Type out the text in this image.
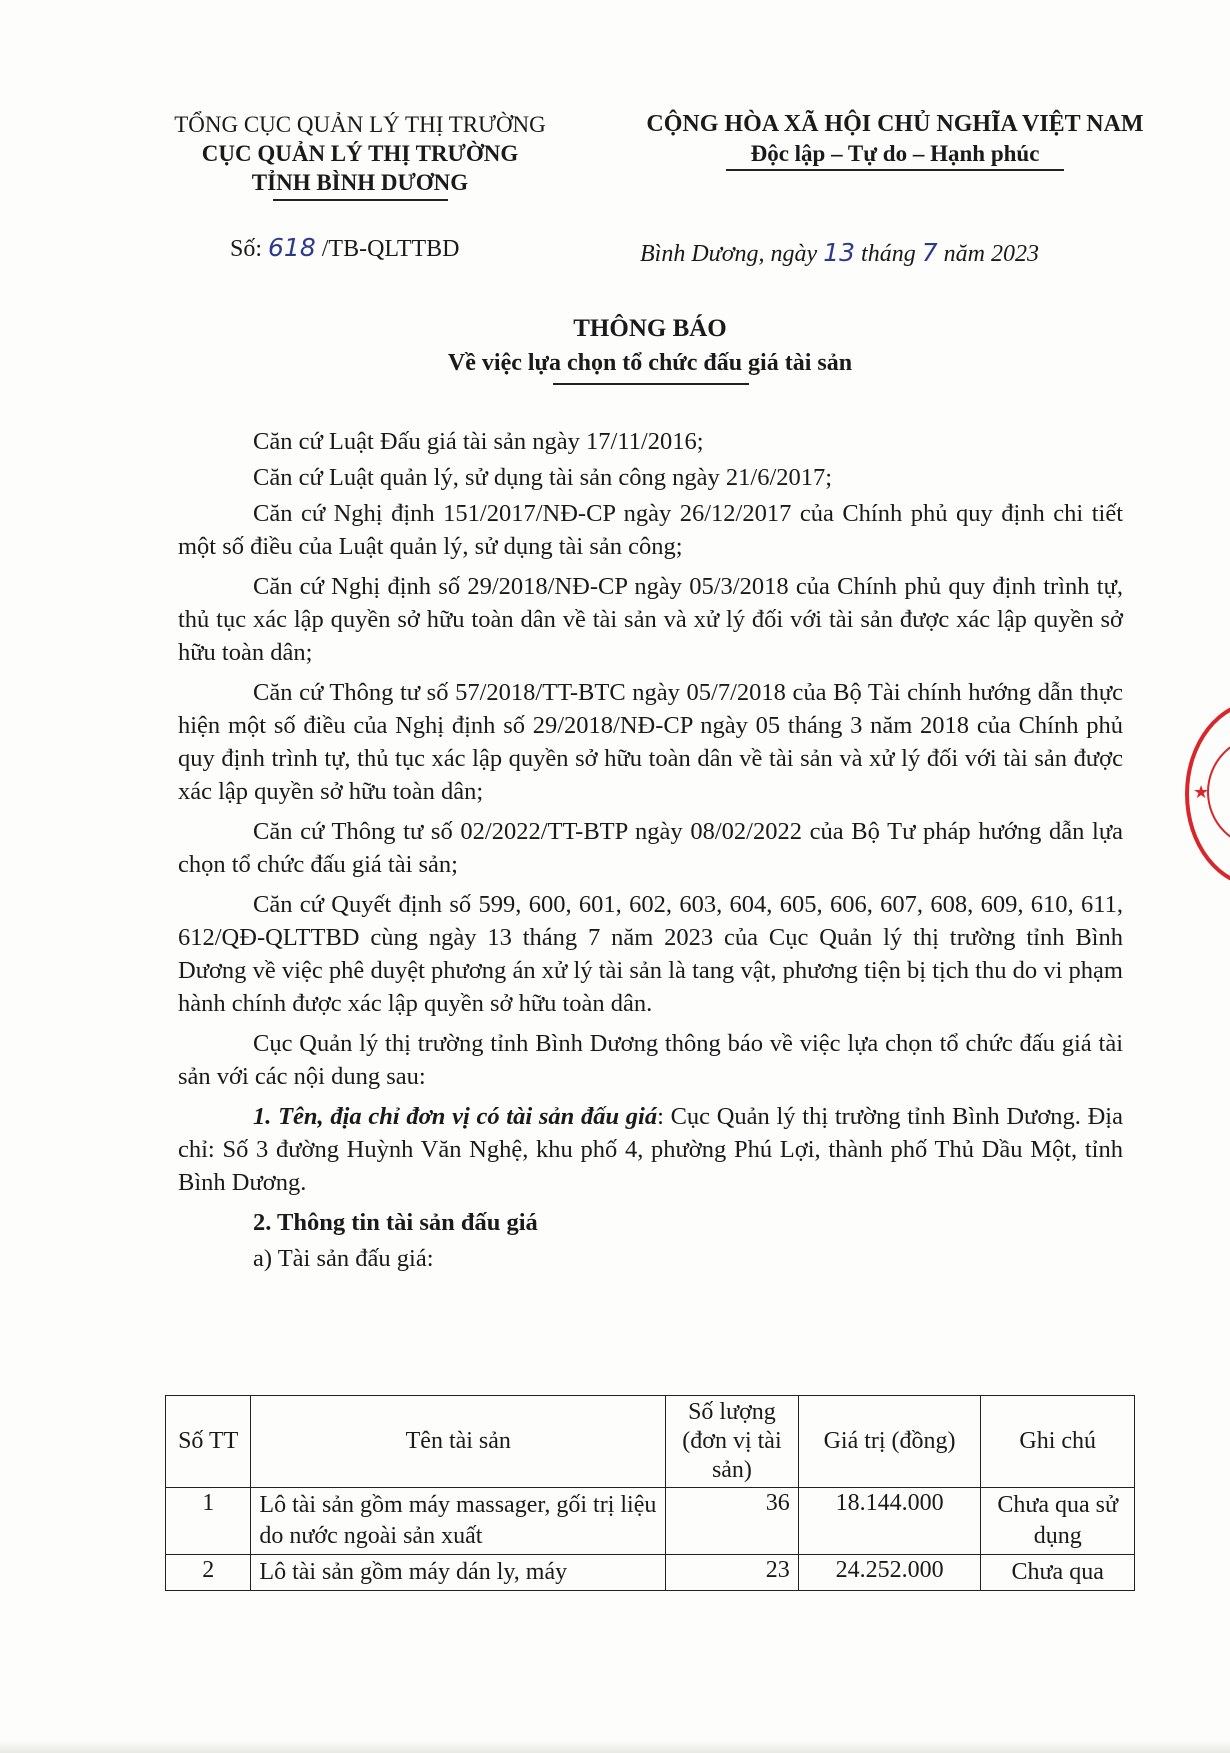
TỔNG CỤC QUẢN LÝ THỊ TRƯỜNG
CỤC QUẢN LÝ THỊ TRƯỜNG
TỈNH BÌNH DƯƠNG
CỘNG HÒA XÃ HỘI CHỦ NGHĨA VIỆT NAM
Độc lập – Tự do – Hạnh phúc
Số: 618 /TB-QLTTBD	Bình Dương, ngày 13 tháng 7 năm 2023
THÔNG BÁO
Về việc lựa chọn tổ chức đấu giá tài sản

Căn cứ Luật Đấu giá tài sản ngày 17/11/2016;

Căn cứ Luật quản lý, sử dụng tài sản công ngày 21/6/2017;

Căn cứ Nghị định 151/2017/NĐ-CP ngày 26/12/2017 của Chính phủ quy định chi tiết một số điều của Luật quản lý, sử dụng tài sản công;

Căn cứ Nghị định số 29/2018/NĐ-CP ngày 05/3/2018 của Chính phủ quy định trình tự, thủ tục xác lập quyền sở hữu toàn dân về tài sản và xử lý đối với tài sản được xác lập quyền sở hữu toàn dân;

Căn cứ Thông tư số 57/2018/TT-BTC ngày 05/7/2018 của Bộ Tài chính hướng dẫn thực hiện một số điều của Nghị định số 29/2018/NĐ-CP ngày 05 tháng 3 năm 2018 của Chính phủ quy định trình tự, thủ tục xác lập quyền sở hữu toàn dân về tài sản và xử lý đối với tài sản được xác lập quyền sở hữu toàn dân;

Căn cứ Thông tư số 02/2022/TT-BTP ngày 08/02/2022 của Bộ Tư pháp hướng dẫn lựa chọn tổ chức đấu giá tài sản;

Căn cứ Quyết định số 599, 600, 601, 602, 603, 604, 605, 606, 607, 608, 609, 610, 611, 612/QĐ-QLTTBD cùng ngày 13 tháng 7 năm 2023 của Cục Quản lý thị trường tỉnh Bình Dương về việc phê duyệt phương án xử lý tài sản là tang vật, phương tiện bị tịch thu do vi phạm hành chính được xác lập quyền sở hữu toàn dân.

Cục Quản lý thị trường tỉnh Bình Dương thông báo về việc lựa chọn tổ chức đấu giá tài sản với các nội dung sau:

1. Tên, địa chỉ đơn vị có tài sản đấu giá: Cục Quản lý thị trường tỉnh Bình Dương. Địa chỉ: Số 3 đường Huỳnh Văn Nghệ, khu phố 4, phường Phú Lợi, thành phố Thủ Dầu Một, tỉnh Bình Dương.

2. Thông tin tài sản đấu giá

a) Tài sản đấu giá:

Số TT	Tên tài sản	Số lượng (đơn vị tài sản)	Giá trị (đồng)	Ghi chú
1	Lô tài sản gồm máy massager, gối trị liệu do nước ngoài sản xuất	36	18.144.000	Chưa qua sử dụng
2	Lô tài sản gồm máy dán ly, máy	23	24.252.000	Chưa qua
★
